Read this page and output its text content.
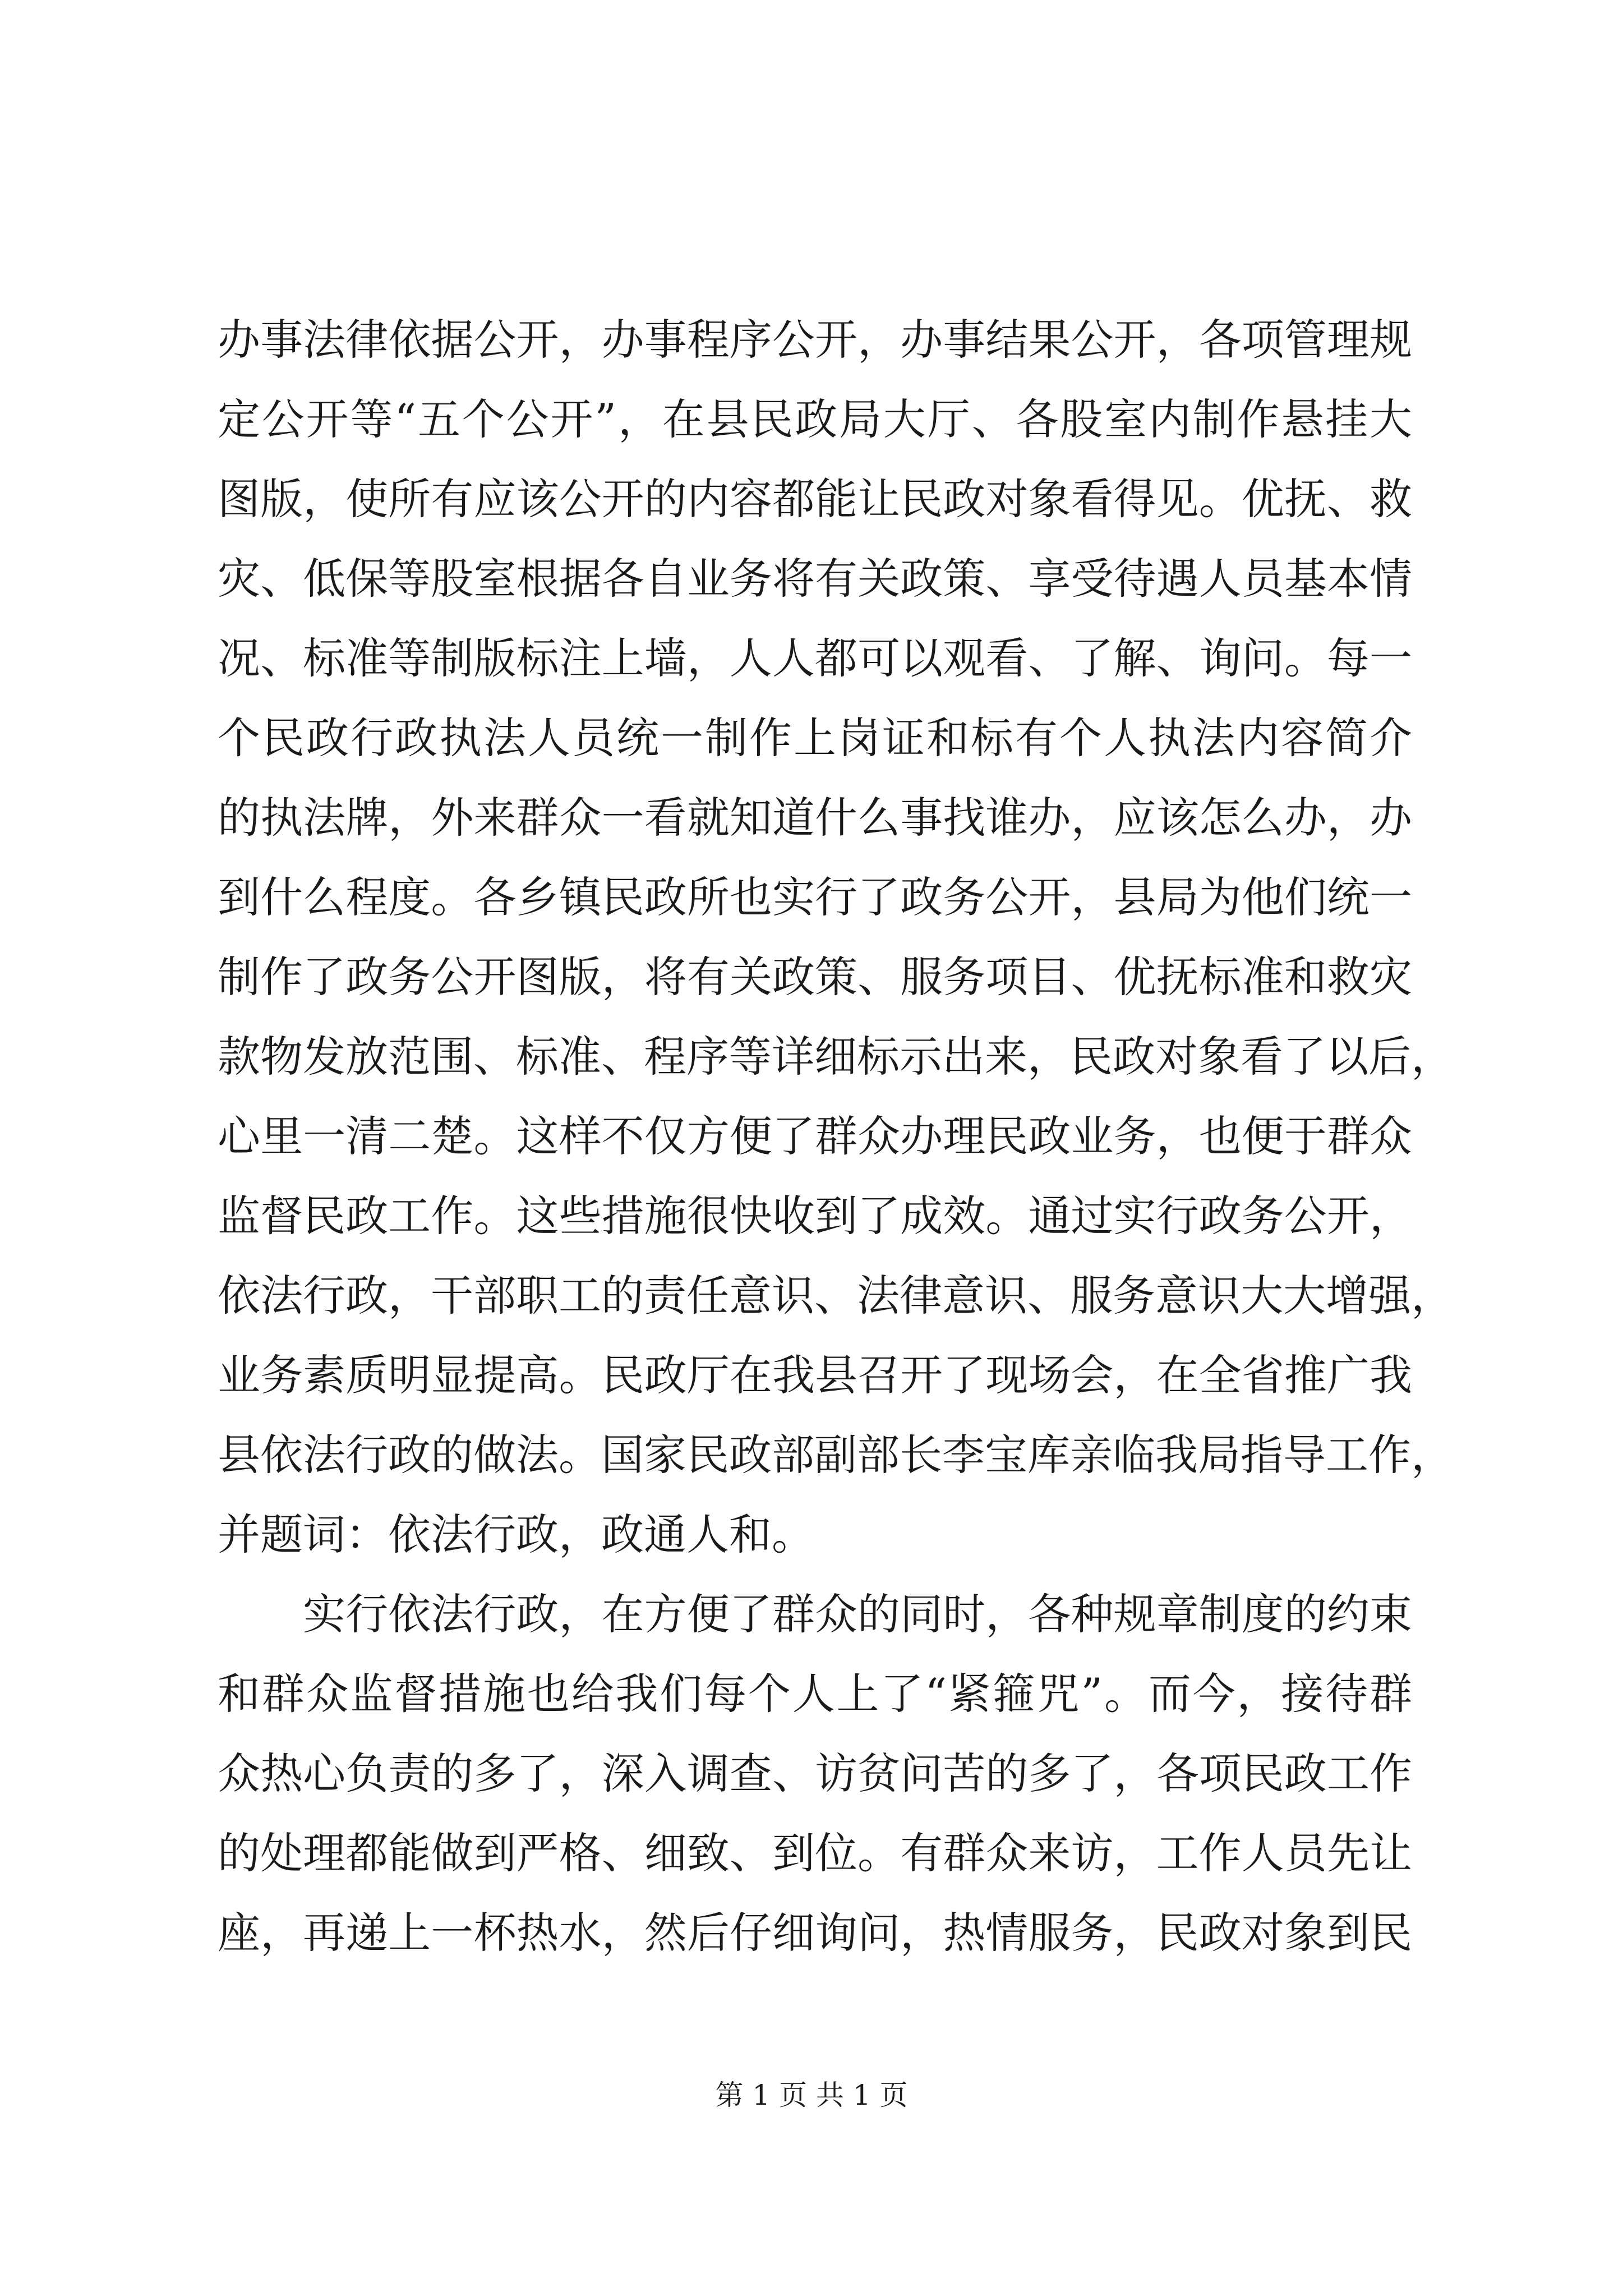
办事法律依据公开，办事程序公开，办事结果公开，各项管理规
定公开等“五个公开”，在县民政局大厅、各股室内制作悬挂大
图版，使所有应该公开的内容都能让民政对象看得见。优抚、救
灾、低保等股室根据各自业务将有关政策、享受待遇人员基本情
况、标准等制版标注上墙，人人都可以观看、了解、询问。每一
个民政行政执法人员统一制作上岗证和标有个人执法内容简介
的执法牌，外来群众一看就知道什么事找谁办，应该怎么办，办
到什么程度。各乡镇民政所也实行了政务公开，县局为他们统一
制作了政务公开图版，将有关政策、服务项目、优抚标准和救灾
款物发放范围、标准、程序等详细标示出来，民政对象看了以后，
心里一清二楚。这样不仅方便了群众办理民政业务，也便于群众
监督民政工作。这些措施很快收到了成效。通过实行政务公开，
依法行政，干部职工的责任意识、法律意识、服务意识大大增强，
业务素质明显提高。民政厅在我县召开了现场会，在全省推广我
县依法行政的做法。国家民政部副部长李宝库亲临我局指导工作，
并题词：依法行政，政通人和。
实行依法行政，在方便了群众的同时，各种规章制度的约束
和群众监督措施也给我们每个人上了“紧箍咒”。而今，接待群
众热心负责的多了，深入调查、访贫问苦的多了，各项民政工作
的处理都能做到严格、细致、到位。有群众来访，工作人员先让
座，再递上一杯热水，然后仔细询问，热情服务，民政对象到民
第 1 页 共 1 页
